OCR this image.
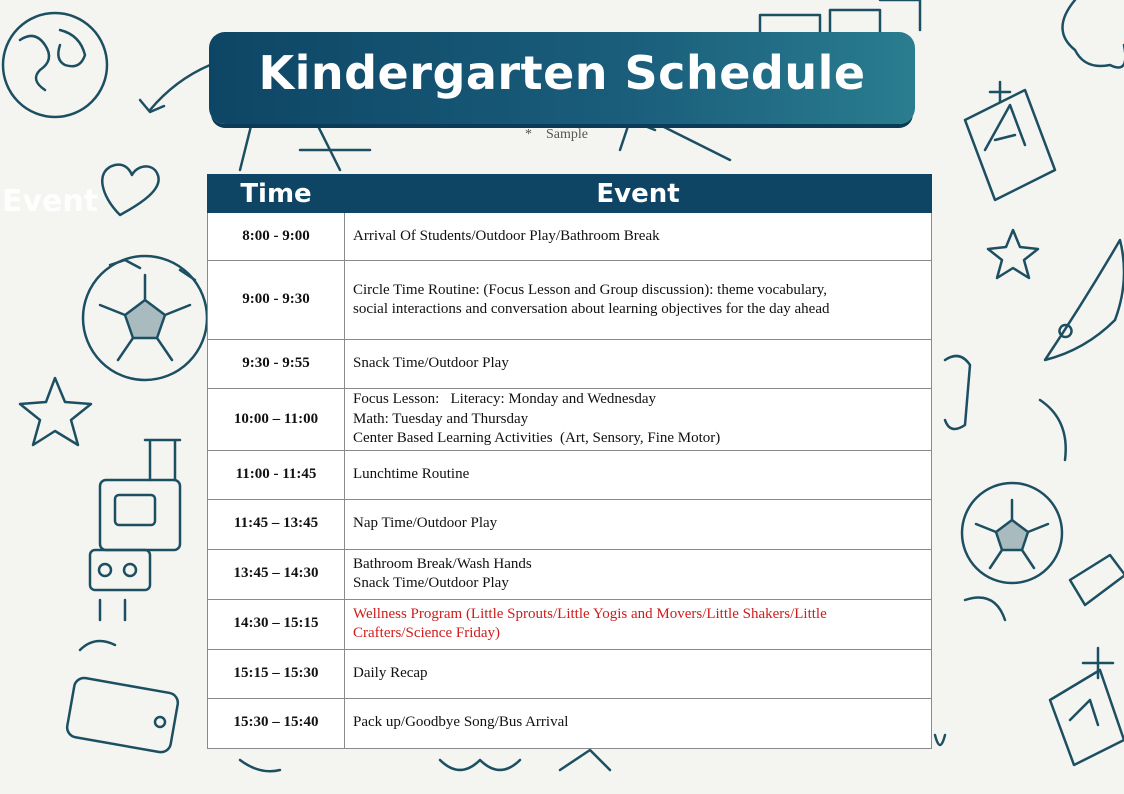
Event
Kindergarten Schedule
*    Sample
Time	Event
8:00 - 9:00	Arrival Of Students/Outdoor Play/Bathroom Break

9:00 - 9:30	Circle Time Routine: (Focus Lesson and Group discussion): theme vocabulary,
social interactions and conversation about learning objectives for the day ahead

9:30 - 9:55	Snack Time/Outdoor Play

10:00 – 11:00	Focus Lesson:   Literacy: Monday and Wednesday
Math: Tuesday and Thursday
Center Based Learning Activities  (Art, Sensory, Fine Motor)

11:00 - 11:45	Lunchtime Routine

11:45 – 13:45	Nap Time/Outdoor Play

13:45 – 14:30	Bathroom Break/Wash Hands
Snack Time/Outdoor Play

14:30 – 15:15	Wellness Program (Little Sprouts/Little Yogis and Movers/Little Shakers/Little
Crafters/Science Friday)

15:15 – 15:30	Daily Recap

15:30 – 15:40	Pack up/Goodbye Song/Bus Arrival
